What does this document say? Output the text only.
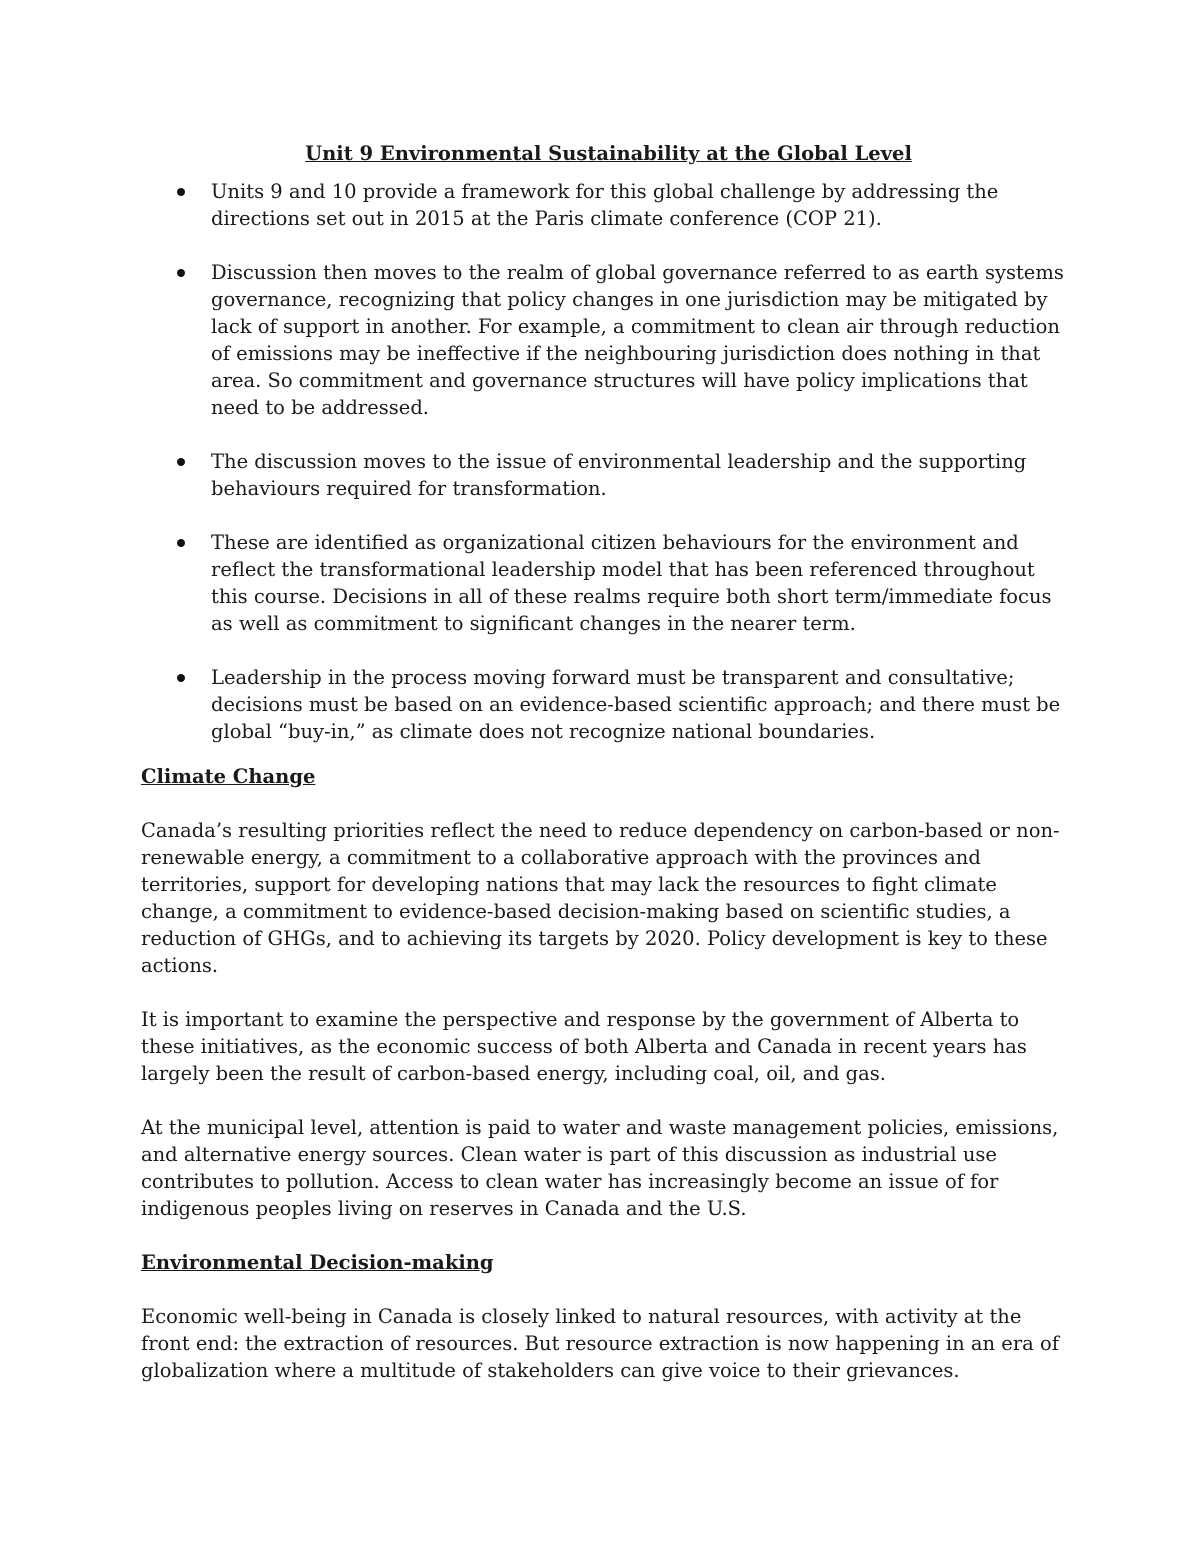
Unit 9 Environmental Sustainability at the Global Level
Units 9 and 10 provide a framework for this global challenge by addressing the directions set out in 2015 at the Paris climate conference (COP 21).
Discussion then moves to the realm of global governance referred to as earth systems governance, recognizing that policy changes in one jurisdiction may be mitigated by lack of support in another. For example, a commitment to clean air through reduction of emissions may be ineffective if the neighbouring jurisdiction does nothing in that area. So commitment and governance structures will have policy implications that need to be addressed.
The discussion moves to the issue of environmental leadership and the supporting behaviours required for transformation.
These are identified as organizational citizen behaviours for the environment and reflect the transformational leadership model that has been referenced throughout this course. Decisions in all of these realms require both short term/immediate focus as well as commitment to significant changes in the nearer term.
Leadership in the process moving forward must be transparent and consultative; decisions must be based on an evidence-based scientific approach; and there must be global “buy-in,” as climate does not recognize national boundaries.
Climate Change

Canada’s resulting priorities reflect the need to reduce dependency on carbon-based or non-renewable energy, a commitment to a collaborative approach with the provinces and territories, support for developing nations that may lack the resources to fight climate change, a commitment to evidence-based decision-making based on scientific studies, a reduction of GHGs, and to achieving its targets by 2020. Policy development is key to these actions.

It is important to examine the perspective and response by the government of Alberta to these initiatives, as the economic success of both Alberta and Canada in recent years has largely been the result of carbon-based energy, including coal, oil, and gas.

At the municipal level, attention is paid to water and waste management policies, emissions, and alternative energy sources. Clean water is part of this discussion as industrial use contributes to pollution. Access to clean water has increasingly become an issue of for indigenous peoples living on reserves in Canada and the U.S.

Environmental Decision-making

Economic well-being in Canada is closely linked to natural resources, with activity at the front end: the extraction of resources. But resource extraction is now happening in an era of globalization where a multitude of stakeholders can give voice to their grievances.
